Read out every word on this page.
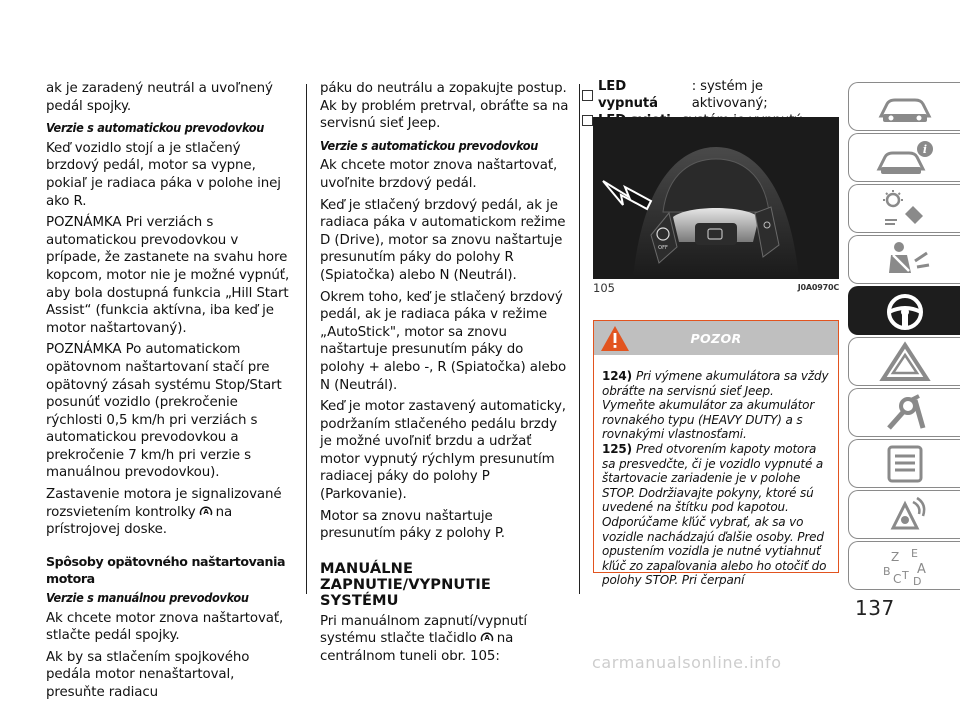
ak je zaradený neutrál a uvoľnený pedál spojky.

Verzie s automatickou prevodovkou

Keď vozidlo stojí a je stlačený brzdový pedál, motor sa vypne, pokiaľ je radiaca páka v polohe inej ako R.

POZNÁMKA Pri verziách s automatickou prevodovkou v prípade, že zastanete na svahu hore kopcom, motor nie je možné vypnúť, aby bola dostupná funkcia „Hill Start Assist“ (funkcia aktívna, iba keď je motor naštartovaný).

POZNÁMKA Po automatickom opätovnom naštartovaní stačí pre opätovný zásah systému Stop/Start posunúť vozidlo (prekročenie rýchlosti 0,5 km/h pri verziách s automatickou prevodovkou a prekročenie 7 km/h pri verzie s manuálnou prevodovkou).

Zastavenie motora je signalizované rozsvietením kontrolky A na prístrojovej doske.

Spôsoby opätovného naštartovania motora
Verzie s manuálnou prevodovkou

Ak chcete motor znova naštartovať, stlačte pedál spojky.

Ak by sa stlačením spojkového pedála motor nenaštartoval, presuňte radiacu

páku do neutrálu a zopakujte postup. Ak by problém pretrval, obráťte sa na servisnú sieť Jeep.

Verzie s automatickou prevodovkou

Ak chcete motor znova naštartovať, uvoľnite brzdový pedál.

Keď je stlačený brzdový pedál, ak je radiaca páka v automatickom režime D (Drive), motor sa znovu naštartuje presunutím páky do polohy R (Spiatočka) alebo N (Neutrál).

Okrem toho, keď je stlačený brzdový pedál, ak je radiaca páka v režime „AutoStick", motor sa znovu naštartuje presunutím páky do polohy + alebo -, R (Spiatočka) alebo N (Neutrál).

Keď je motor zastavený automaticky, podržaním stlačeného pedálu brzdy je možné uvoľniť brzdu a udržať motor vypnutý rýchlym presunutím radiacej páky do polohy P (Parkovanie).

Motor sa znovu naštartuje presunutím páky z polohy P.

MANUÁLNE ZAPNUTIE/VYPNUTIE SYSTÉMU

Pri manuálnom zapnutí/vypnutí systému stlačte tlačidlo A na centrálnom tuneli obr. 105:

LED vypnutá
: systém je aktivovaný;
OFF
105	J0A0970C
POZOR
124) Pri výmene akumulátora sa vždy obráťte na servisnú sieť Jeep. Vymeňte akumulátor za akumulátor rovnakého typu (HEAVY DUTY) a s rovnakými vlastnosťami.
125) Pred otvorením kapoty motora sa presvedčte, či je vozidlo vypnuté a štartovacie zariadenie je v polohe STOP. Dodržiavajte pokyny, ktoré sú uvedené na štítku pod kapotou. Odporúčame kľúč vybrať, ak sa vo vozidle nachádzajú ďalšie osoby. Pred opustením vozidla je nutné vytiahnuť kľúč zo zapaľovania alebo ho otočiť do polohy STOP. Pri čerpaní
i
Z E
B A
C T D
137
carmanualsonline.info
